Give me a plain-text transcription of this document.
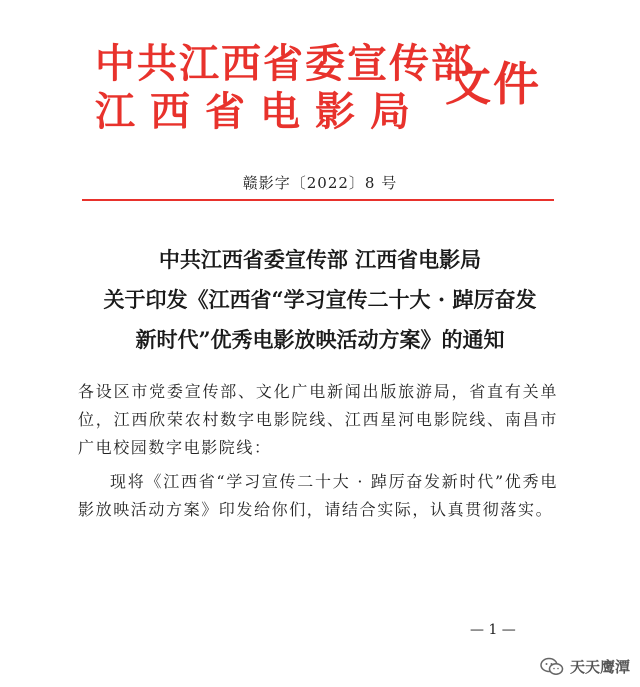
中共江西省委宣传部
江西省电影局
文件
赣影字〔2022〕8 号
中共江西省委宣传部 江西省电影局
关于印发《江西省“学习宣传二十大 · 踔厉奋发
新时代”优秀电影放映活动方案》的通知

各设区市党委宣传部、文化广电新闻出版旅游局，省直有关单位，江西欣荣农村数字电影院线、江西星河电影院线、南昌市广电校园数字电影院线：

现将《江西省“学习宣传二十大 · 踔厉奋发新时代”优秀电影放映活动方案》印发给你们，请结合实际，认真贯彻落实。

— 1 —
天天鹰潭
